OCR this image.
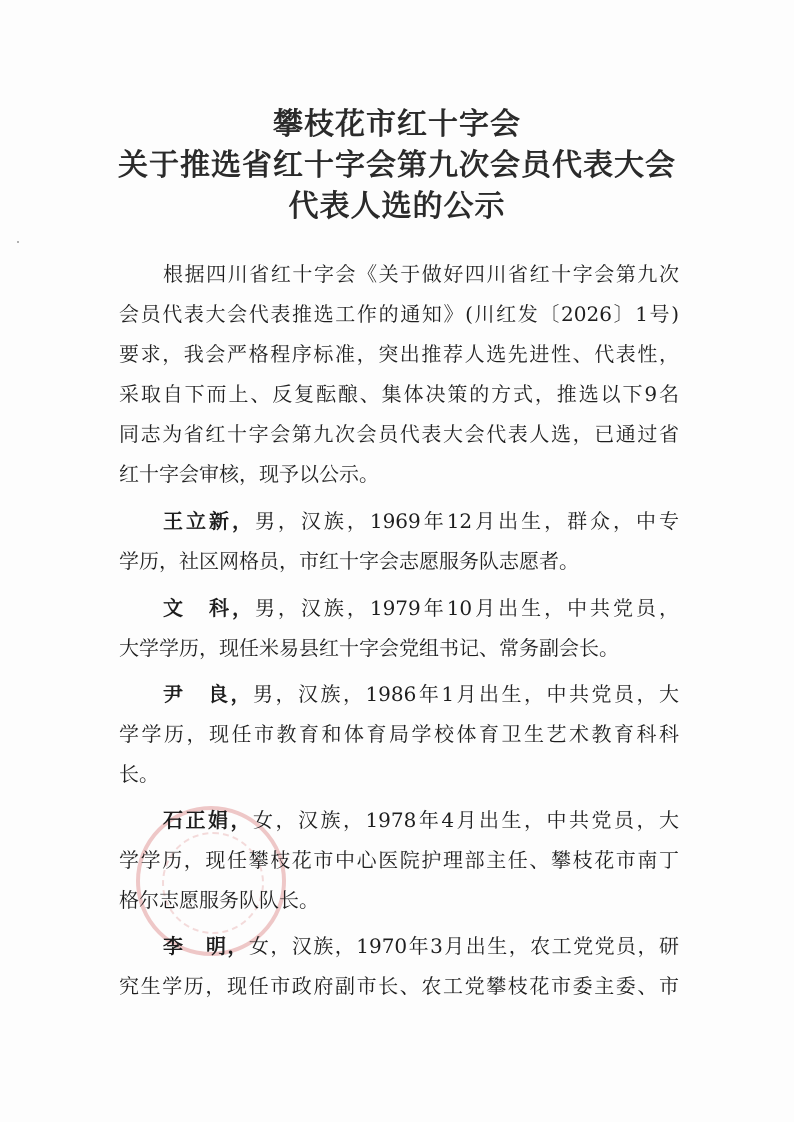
攀枝花市红十字会
关于推选省红十字会第九次会员代表大会
代表人选的公示
根据四川省红十字会《关于做好四川省红十字会第九次
会员代表大会代表推选工作的通知》(川红发〔2026〕1号)
要求，我会严格程序标准，突出推荐人选先进性、代表性，
采取自下而上、反复酝酿、集体决策的方式，推选以下9名
同志为省红十字会第九次会员代表大会代表人选，已通过省
红十字会审核，现予以公示。
王立新，男，汉族，1969年12月出生，群众，中专
学历，社区网格员，市红十字会志愿服务队志愿者。
文　科，男，汉族，1979年10月出生，中共党员，
大学学历，现任米易县红十字会党组书记、常务副会长。
尹　良，男，汉族，1986年1月出生，中共党员，大
学学历，现任市教育和体育局学校体育卫生艺术教育科科
长。
石正娟，女，汉族，1978年4月出生，中共党员，大
学学历，现任攀枝花市中心医院护理部主任、攀枝花市南丁
格尔志愿服务队队长。
李　明，女，汉族，1970年3月出生，农工党党员，研
究生学历，现任市政府副市长、农工党攀枝花市委主委、市
